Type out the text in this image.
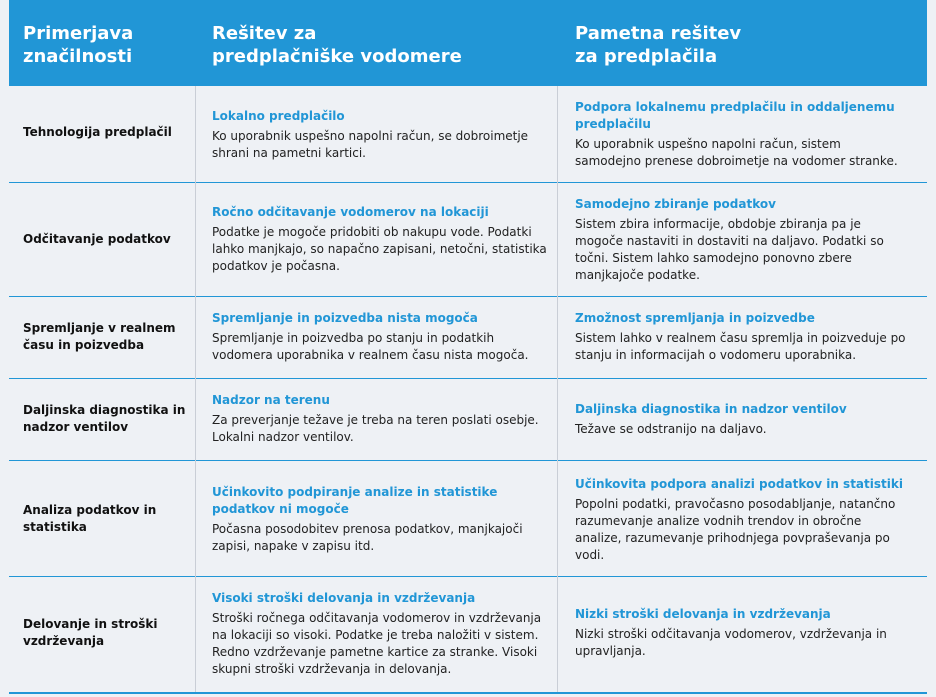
Primerjava
značilnosti
Rešitev za
predplačniške vodomere
Pametna rešitev
za predplačila
Tehnologija predplačil
Lokalno predplačilo
Ko uporabnik uspešno napolni račun, se dobroimetje shrani na pametni kartici.
Podpora lokalnemu predplačilu in oddaljenemu predplačilu
Ko uporabnik uspešno napolni račun, sistem samodejno prenese dobroimetje na vodomer stranke.
Odčitavanje podatkov
Ročno odčitavanje vodomerov na lokaciji
Podatke je mogoče pridobiti ob nakupu vode. Podatki lahko manjkajo, so napačno zapisani, netočni, statistika podatkov je počasna.
Samodejno zbiranje podatkov
Sistem zbira informacije, obdobje zbiranja pa je mogoče nastaviti in dostaviti na daljavo. Podatki so točni. Sistem lahko samodejno ponovno zbere manjkajoče podatke.
Spremljanje v realnem času in poizvedba
Spremljanje in poizvedba nista mogoča
Spremljanje in poizvedba po stanju in podatkih vodomera uporabnika v realnem času nista mogoča.
Zmožnost spremljanja in poizvedbe
Sistem lahko v realnem času spremlja in poizveduje po stanju in informacijah o vodomeru uporabnika.
Daljinska diagnostika in nadzor ventilov
Nadzor na terenu
Za preverjanje težave je treba na teren poslati osebje. Lokalni nadzor ventilov.
Daljinska diagnostika in nadzor ventilov
Težave se odstranijo na daljavo.
Analiza podatkov in statistika
Učinkovito podpiranje analize in statistike podatkov ni mogoče
Počasna posodobitev prenosa podatkov, manjkajoči zapisi, napake v zapisu itd.
Učinkovita podpora analizi podatkov in statistiki
Popolni podatki, pravočasno posodabljanje, natančno razumevanje analize vodnih trendov in obročne analize, razumevanje prihodnjega povpraševanja po vodi.
Delovanje in stroški vzdrževanja
Visoki stroški delovanja in vzdrževanja
Stroški ročnega odčitavanja vodomerov in vzdrževanja na lokaciji so visoki. Podatke je treba naložiti v sistem. Redno vzdrževanje pametne kartice za stranke. Visoki skupni stroški vzdrževanja in delovanja.
Nizki stroški delovanja in vzdrževanja
Nizki stroški odčitavanja vodomerov, vzdrževanja in upravljanja.
